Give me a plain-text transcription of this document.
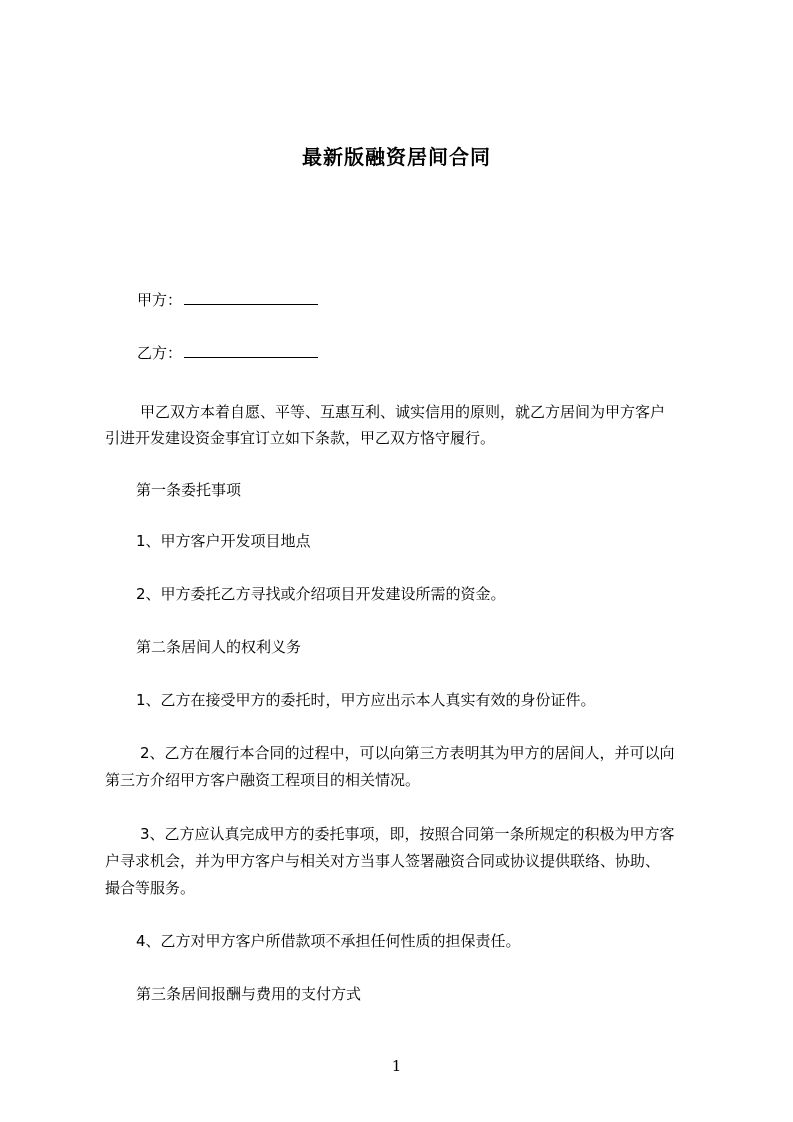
最新版融资居间合同
甲方：
乙方：
甲乙双方本着自愿、平等、互惠互利、诚实信用的原则，就乙方居间为甲方客户
引进开发建设资金事宜订立如下条款，甲乙双方恪守履行。
第一条委托事项
1、甲方客户开发项目地点
2、甲方委托乙方寻找或介绍项目开发建设所需的资金。
第二条居间人的权利义务
1、乙方在接受甲方的委托时，甲方应出示本人真实有效的身份证件。
2、乙方在履行本合同的过程中，可以向第三方表明其为甲方的居间人，并可以向
第三方介绍甲方客户融资工程项目的相关情况。
3、乙方应认真完成甲方的委托事项，即，按照合同第一条所规定的积极为甲方客
户寻求机会，并为甲方客户与相关对方当事人签署融资合同或协议提供联络、协助、
撮合等服务。
4、乙方对甲方客户所借款项不承担任何性质的担保责任。
第三条居间报酬与费用的支付方式
1
